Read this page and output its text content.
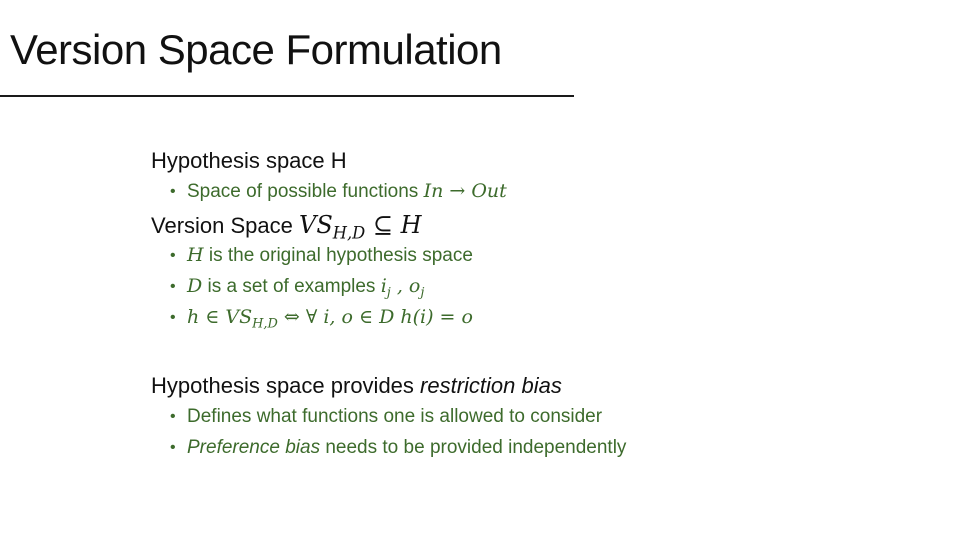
Version Space Formulation
Hypothesis space H
• Space of possible functions In → Out
Version Space $VS_{H,D}$ ⊆ H
• H is the original hypothesis space
• D is a set of examples $i_j$ , $o_j$
• h ∈ $VS_{H,D}$ ⇔ ∀ i, o ∈ D h(i) = o
Hypothesis space provides restriction bias
• Defines what functions one is allowed to consider
• Preference bias needs to be provided independently
